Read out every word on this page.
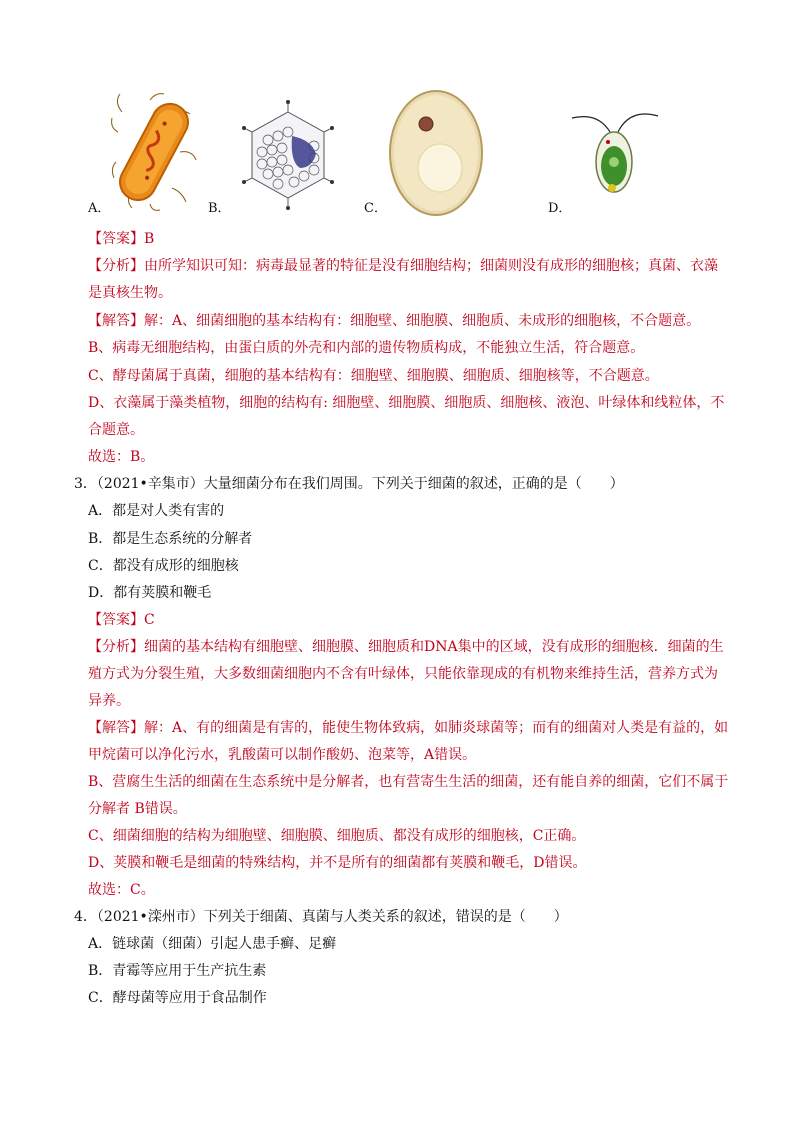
A．	B．	C．	D．
【答案】B
【分析】由所学知识可知：病毒最显著的特征是没有细胞结构；细菌则没有成形的细胞核；真菌、衣藻
是真核生物。
【解答】解：A、细菌细胞的基本结构有：细胞壁、细胞膜、细胞质、未成形的细胞核，不合题意。
B、病毒无细胞结构，由蛋白质的外壳和内部的遗传物质构成，不能独立生活，符合题意。
C、酵母菌属于真菌，细胞的基本结构有：细胞壁、细胞膜、细胞质、细胞核等，不合题意。
D、衣藻属于藻类植物，细胞的结构有: 细胞壁、细胞膜、细胞质、细胞核、液泡、叶绿体和线粒体，不
合题意。
故选：B。
3．（2021•辛集市）大量细菌分布在我们周围。下列关于细菌的叙述，正确的是（　　）
A．都是对人类有害的
B．都是生态系统的分解者
C．都没有成形的细胞核
D．都有荚膜和鞭毛
【答案】C
【分析】细菌的基本结构有细胞壁、细胞膜、细胞质和DNA集中的区域，没有成形的细胞核．细菌的生
殖方式为分裂生殖，大多数细菌细胞内不含有叶绿体，只能依靠现成的有机物来维持生活，营养方式为
异养。
【解答】解：A、有的细菌是有害的，能使生物体致病，如肺炎球菌等；而有的细菌对人类是有益的，如
甲烷菌可以净化污水，乳酸菌可以制作酸奶、泡菜等，A错误。
B、营腐生生活的细菌在生态系统中是分解者，也有营寄生生活的细菌，还有能自养的细菌，它们不属于
分解者 B错误。
C、细菌细胞的结构为细胞壁、细胞膜、细胞质、都没有成形的细胞核，C正确。
D、荚膜和鞭毛是细菌的特殊结构，并不是所有的细菌都有荚膜和鞭毛，D错误。
故选：C。
4．（2021•滦州市）下列关于细菌、真菌与人类关系的叙述，错误的是（　　）
A．链球菌（细菌）引起人患手癣、足癣
B．青霉等应用于生产抗生素
C．酵母菌等应用于食品制作
